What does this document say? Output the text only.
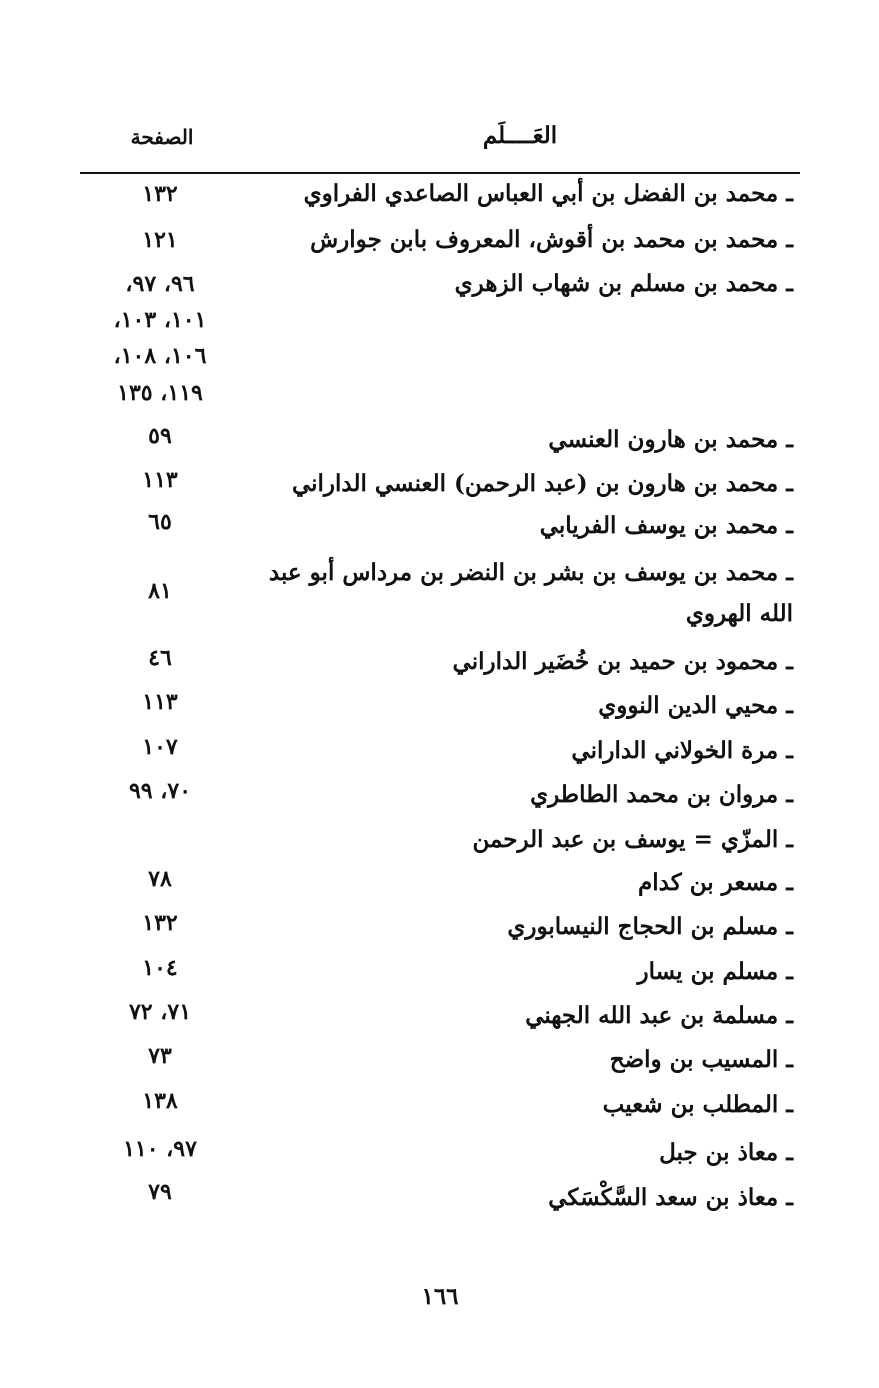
العَــــلَم
الصفحة
ـ محمد بن الفضل بن أبي العباس الصاعدي الفراوي
١٣٢
ـ محمد بن محمد بن أقوش، المعروف بابن جوارش
١٢١
ـ محمد بن مسلم بن شهاب الزهري
٩٦، ٩٧،
١٠١، ١٠٣،
١٠٦، ١٠٨،
١١٩، ١٣٥
ـ محمد بن هارون العنسي
٥٩
ـ محمد بن هارون بن (عبد الرحمن) العنسي الداراني
١١٣
ـ محمد بن يوسف الفريابي
٦٥
ـ محمد بن يوسف بن بشر بن النضر بن مرداس أبو عبد الله الهروي
٨١
ـ محمود بن حميد بن خُضَير الداراني
٤٦
ـ محيي الدين النووي
١١٣
ـ مرة الخولاني الداراني
١٠٧
ـ مروان بن محمد الطاطري
٧٠، ٩٩
ـ المزّي = يوسف بن عبد الرحمن
ـ مسعر بن كدام
٧٨
ـ مسلم بن الحجاج النيسابوري
١٣٢
ـ مسلم بن يسار
١٠٤
ـ مسلمة بن عبد الله الجهني
٧١، ٧٢
ـ المسيب بن واضح
٧٣
ـ المطلب بن شعيب
١٣٨
ـ معاذ بن جبل
٩٧، ١١٠
ـ معاذ بن سعد السَّكْسَكي
٧٩
١٦٦
